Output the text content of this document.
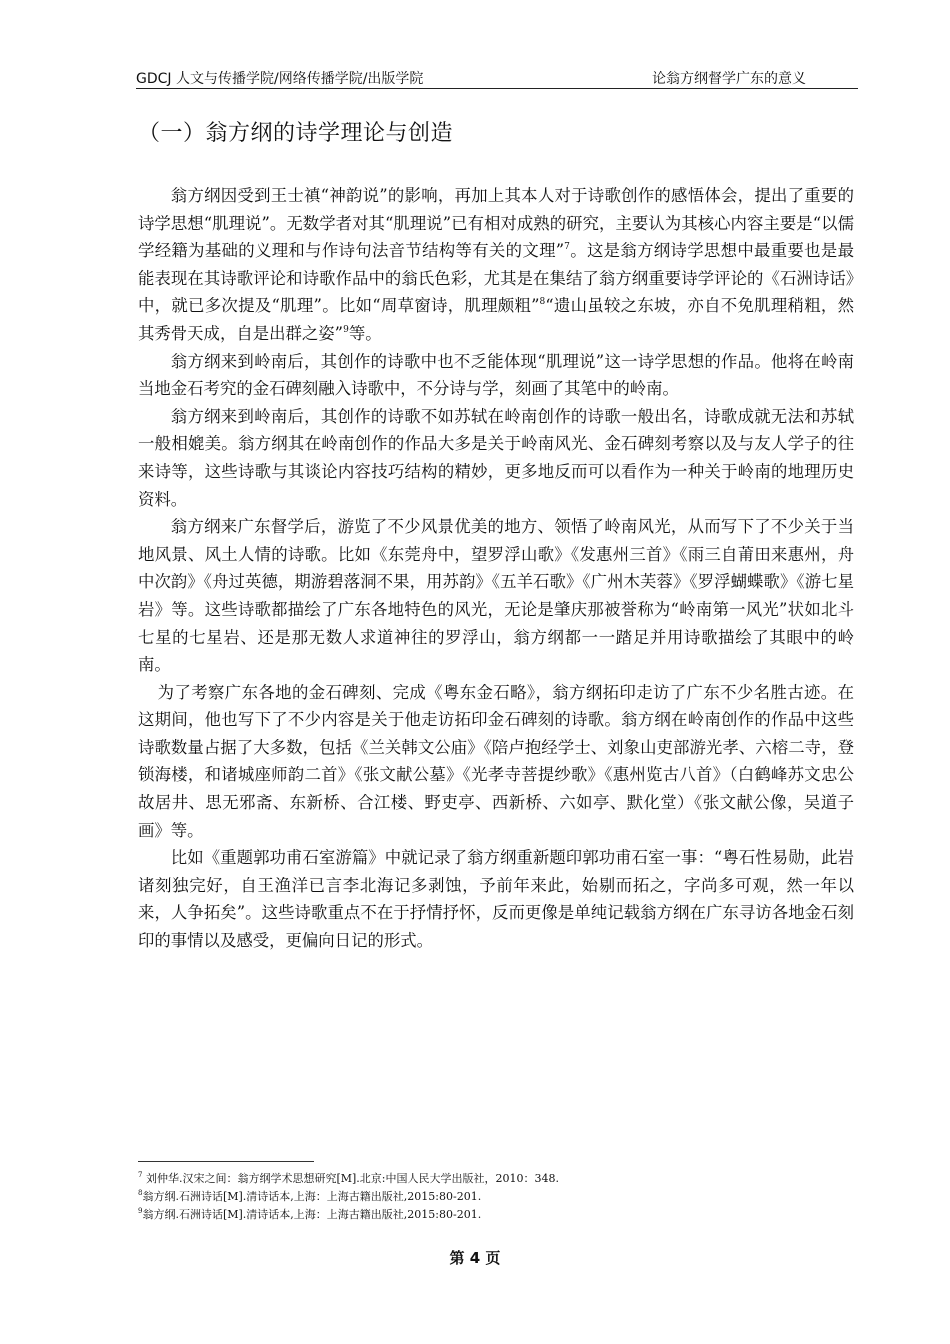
GDCJ 人文与传播学院/网络传播学院/出版学院	论翁方纲督学广东的意义
（一）翁方纲的诗学理论与创造

翁方纲因受到王士禛“神韵说”的影响，再加上其本人对于诗歌创作的感悟体会，提出了重要的诗学思想“肌理说”。无数学者对其“肌理说”已有相对成熟的研究，主要认为其核心内容主要是“以儒学经籍为基础的义理和与作诗句法音节结构等有关的文理”$^7$。这是翁方纲诗学思想中最重要也是最能表现在其诗歌评论和诗歌作品中的翁氏色彩，尤其是在集结了翁方纲重要诗学评论的《石洲诗话》中，就已多次提及“肌理”。比如“周草窗诗，肌理颇粗”$^8$“遗山虽较之东坡，亦自不免肌理稍粗，然其秀骨天成，自是出群之姿”$^9$等。

翁方纲来到岭南后，其创作的诗歌中也不乏能体现“肌理说”这一诗学思想的作品。他将在岭南当地金石考究的金石碑刻融入诗歌中，不分诗与学，刻画了其笔中的岭南。

翁方纲来到岭南后，其创作的诗歌不如苏轼在岭南创作的诗歌一般出名，诗歌成就无法和苏轼一般相媲美。翁方纲其在岭南创作的作品大多是关于岭南风光、金石碑刻考察以及与友人学子的往来诗等，这些诗歌与其谈论内容技巧结构的精妙，更多地反而可以看作为一种关于岭南的地理历史资料。

翁方纲来广东督学后，游览了不少风景优美的地方、领悟了岭南风光，从而写下了不少关于当地风景、风土人情的诗歌。比如《东莞舟中，望罗浮山歌》《发惠州三首》《雨三自莆田来惠州，舟中次韵》《舟过英德，期游碧落洞不果，用苏韵》《五羊石歌》《广州木芙蓉》《罗浮蝴蝶歌》《游七星岩》等。这些诗歌都描绘了广东各地特色的风光，无论是肇庆那被誉称为“岭南第一风光”状如北斗七星的七星岩、还是那无数人求道神往的罗浮山，翁方纲都一一踏足并用诗歌描绘了其眼中的岭南。

为了考察广东各地的金石碑刻、完成《粤东金石略》，翁方纲拓印走访了广东不少名胜古迹。在这期间，他也写下了不少内容是关于他走访拓印金石碑刻的诗歌。翁方纲在岭南创作的作品中这些诗歌数量占据了大多数，包括《兰关韩文公庙》《陪卢抱经学士、刘象山吏部游光孝、六榕二寺，登锁海楼，和诸城座师韵二首》《张文献公墓》《光孝寺菩提纱歌》《惠州览古八首》（白鹤峰苏文忠公故居井、思无邪斋、东新桥、合江楼、野吏亭、西新桥、六如亭、默化堂）《张文献公像，吴道子画》等。

比如《重题郭功甫石室游篇》中就记录了翁方纲重新题印郭功甫石室一事：“粤石性易勋，此岩诸刻独完好，自王渔洋已言李北海记多剥蚀，予前年来此，始剔而拓之，字尚多可观，然一年以来，人争拓矣”。这些诗歌重点不在于抒情抒怀，反而更像是单纯记载翁方纲在广东寻访各地金石刻印的事情以及感受，更偏向日记的形式。

$^7$ 刘仲华.汉宋之间：翁方纲学术思想研究[M].北京:中国人民大学出版社，2010：348.
$^8$翁方纲.石洲诗话[M].清诗话本,上海：上海古籍出版社,2015:80-201.
$^9$翁方纲.石洲诗话[M].清诗话本,上海：上海古籍出版社,2015:80-201.
第 4 页
